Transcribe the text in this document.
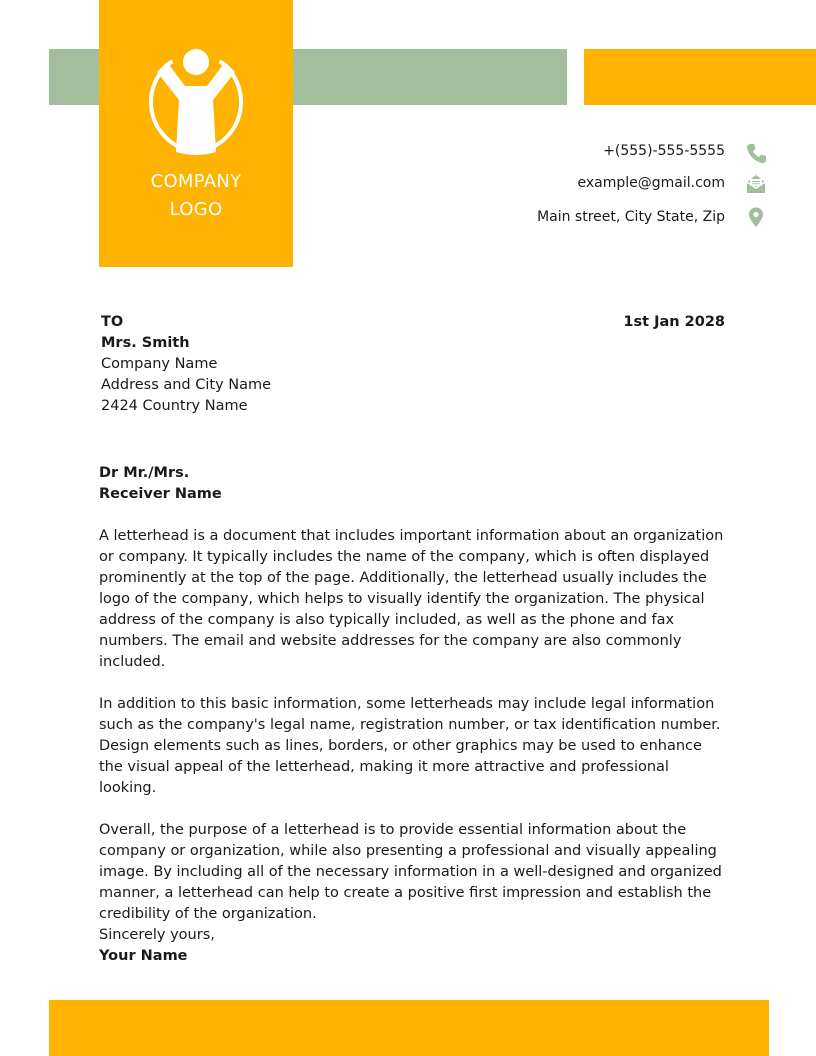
COMPANY
LOGO
+(555)-555-5555
example@gmail.com
Main street, City State, Zip
TO
Mrs. Smith
Company Name
Address and City Name
2424 Country Name
1st Jan 2028
Dr Mr./Mrs.
Receiver Name

A letterhead is a document that includes important information about an organization or company. It typically includes the name of the company, which is often displayed prominently at the top of the page. Additionally, the letterhead usually includes the logo of the company, which helps to visually identify the organization. The physical address of the company is also typically included, as well as the phone and fax numbers. The email and website addresses for the company are also commonly included.

In addition to this basic information, some letterheads may include legal information such as the company's legal name, registration number, or tax identification number. Design elements such as lines, borders, or other graphics may be used to enhance the visual appeal of the letterhead, making it more attractive and professional looking.

Overall, the purpose of a letterhead is to provide essential information about the company or organization, while also presenting a professional and visually appealing image. By including all of the necessary information in a well-designed and organized manner, a letterhead can help to create a positive first impression and establish the credibility of the organization.

Sincerely yours,
Your Name
